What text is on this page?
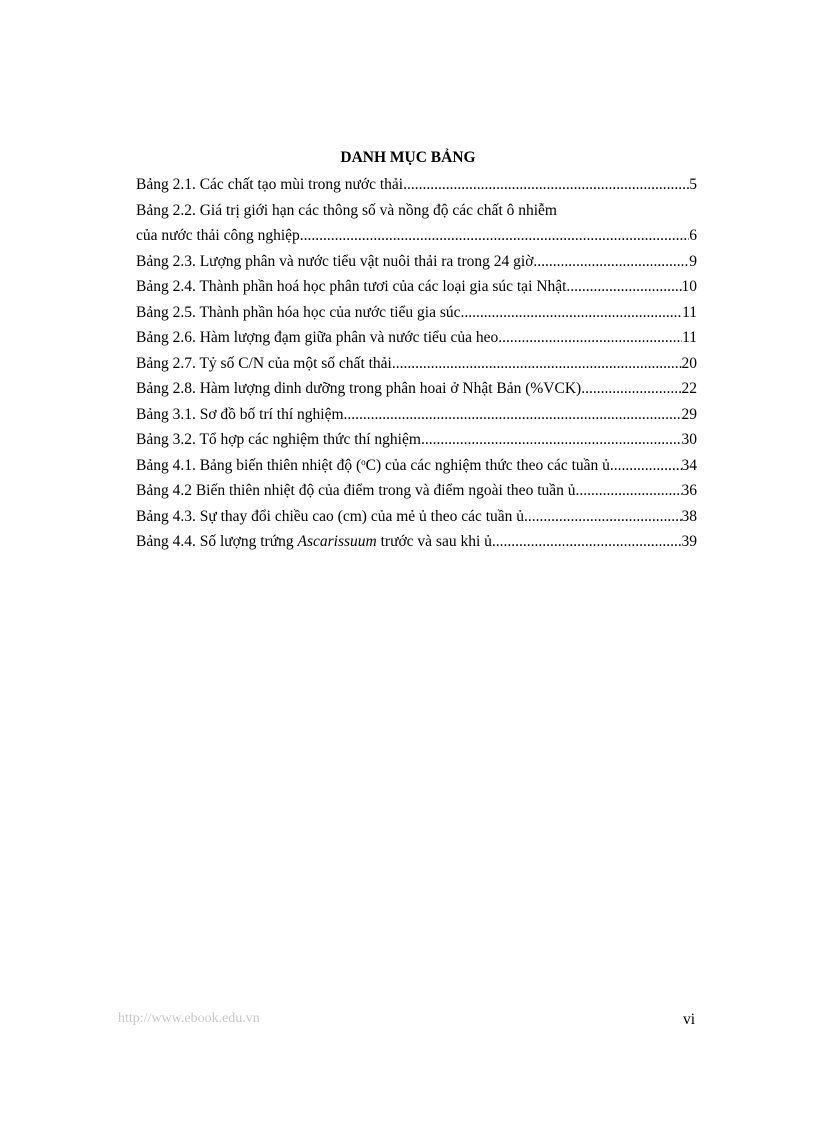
DANH MỤC BẢNG
Bảng 2.1. Các chất tạo mùi trong nước thải .....	5
Bảng 2.2. Giá trị giới hạn các thông số và nồng độ các chất ô nhiễm
của nước thải công nghiệp .....	6
Bảng 2.3. Lượng phân và nước tiểu vật nuôi thải ra trong 24 giờ .....	9
Bảng 2.4. Thành phần hoá học phân tươi của các loại gia súc tại Nhật .....	10
Bảng 2.5. Thành phần hóa học của nước tiểu gia súc .....	11
Bảng 2.6. Hàm lượng đạm giữa phân và nước tiểu của heo .....	11
Bảng 2.7. Tỷ số C/N của một số chất thải .....	20
Bảng 2.8. Hàm lượng dinh dưỡng trong phân hoai ở Nhật Bản (%VCK) .....	22
Bảng 3.1. Sơ đồ bố trí thí nghiệm. .....	29
Bảng 3.2. Tổ hợp các nghiệm thức thí nghiệm .....	30
Bảng 4.1. Bảng biến thiên nhiệt độ ($^o$C) của các nghiệm thức theo các tuần ủ. .....	34
Bảng 4.2 Biến thiên nhiệt độ của điểm trong và điểm ngoài theo tuần ủ. .....	36
Bảng 4.3. Sự thay đổi chiều cao (cm) của mẻ ủ theo các tuần ủ. .....	38
Bảng 4.4. Số lượng trứng Ascarissuum trước và sau khi ủ .....	39
http://www.ebook.edu.vn	vi
